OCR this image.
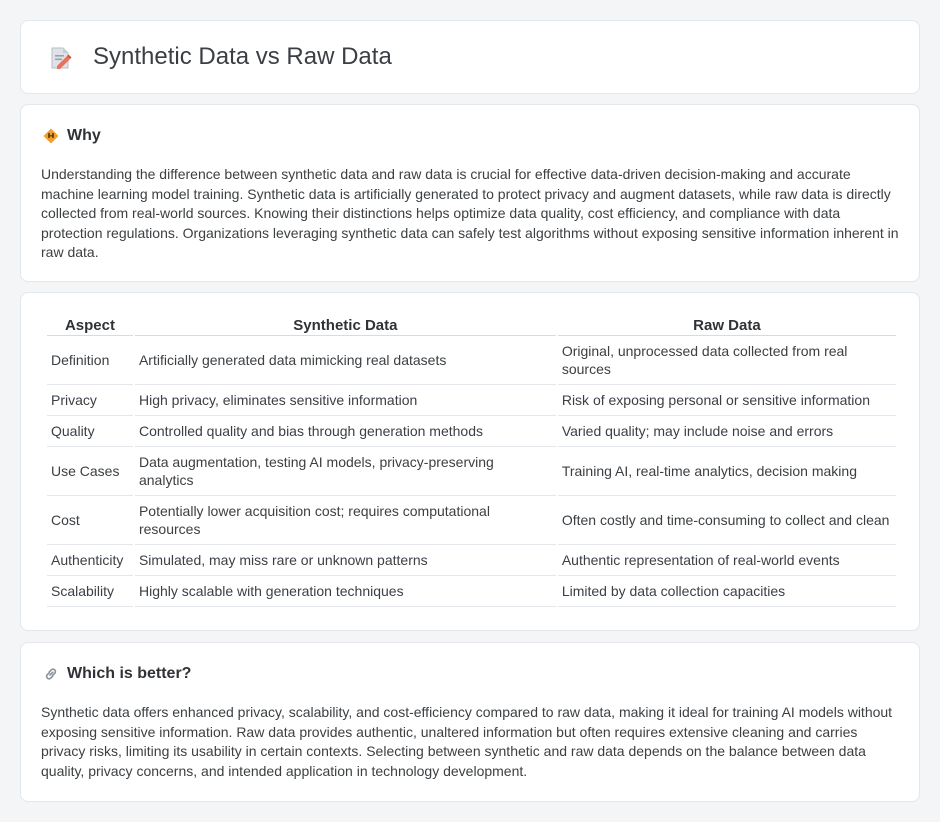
Synthetic Data vs Raw Data
Why

Understanding the difference between synthetic data and raw data is crucial for effective data-driven decision-making and accurate machine learning model training. Synthetic data is artificially generated to protect privacy and augment datasets, while raw data is directly collected from real-world sources. Knowing their distinctions helps optimize data quality, cost efficiency, and compliance with data protection regulations. Organizations leveraging synthetic data can safely test algorithms without exposing sensitive information inherent in raw data.

Aspect	Synthetic Data	Raw Data
Definition	Artificially generated data mimicking real datasets	Original, unprocessed data collected from real sources
Privacy	High privacy, eliminates sensitive information	Risk of exposing personal or sensitive information
Quality	Controlled quality and bias through generation methods	Varied quality; may include noise and errors
Use Cases	Data augmentation, testing AI models, privacy-preserving analytics	Training AI, real-time analytics, decision making
Cost	Potentially lower acquisition cost; requires computational resources	Often costly and time-consuming to collect and clean
Authenticity	Simulated, may miss rare or unknown patterns	Authentic representation of real-world events
Scalability	Highly scalable with generation techniques	Limited by data collection capacities
Which is better?

Synthetic data offers enhanced privacy, scalability, and cost-efficiency compared to raw data, making it ideal for training AI models without exposing sensitive information. Raw data provides authentic, unaltered information but often requires extensive cleaning and carries privacy risks, limiting its usability in certain contexts. Selecting between synthetic and raw data depends on the balance between data quality, privacy concerns, and intended application in technology development.
